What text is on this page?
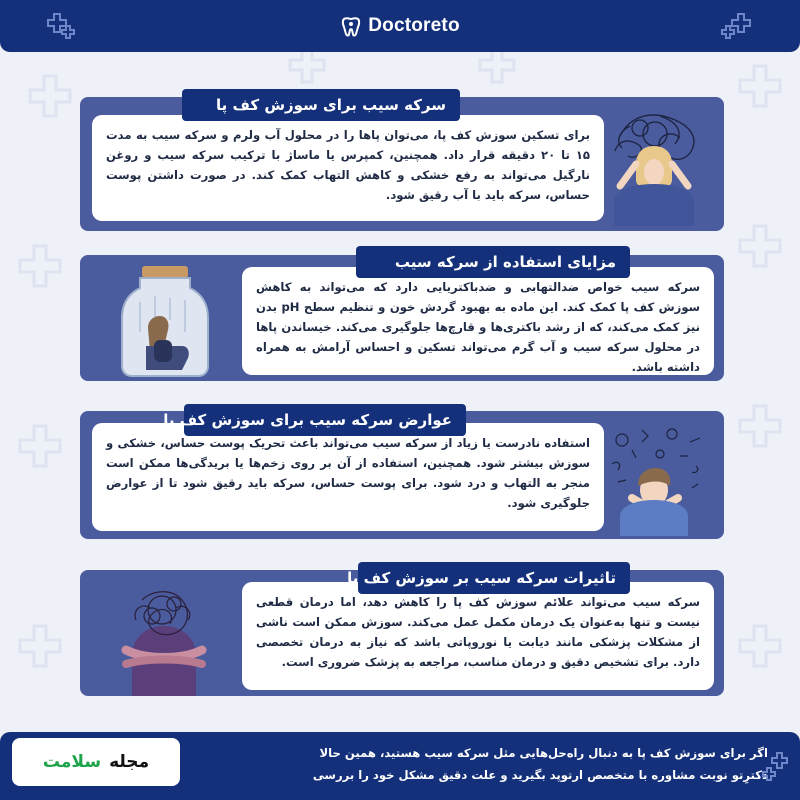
Doctoreto
برای تسکین سوزش کف پا، می‌توان پاها را در محلول آب ولرم و سرکه سیب به مدت ۱۵ تا ۲۰ دقیقه قرار داد. همچنین، کمپرس یا ماساژ با ترکیب سرکه سیب و روغن نارگیل می‌تواند به رفع خشکی و کاهش التهاب کمک کند. در صورت داشتن پوست حساس، سرکه باید با آب رقیق شود.
سرکه سیب برای سوزش کف پا
سرکه سیب خواص ضدالتهابی و ضدباکتریایی دارد که می‌تواند به کاهش سوزش کف پا کمک کند. این ماده به بهبود گردش خون و تنظیم سطح pH بدن نیز کمک می‌کند، که از رشد باکتری‌ها و قارچ‌ها جلوگیری می‌کند. خیساندن پاها در محلول سرکه سیب و آب گرم می‌تواند تسکین و احساس آرامش به همراه داشته باشد.
مزایای استفاده از سرکه سیب
استفاده نادرست یا زیاد از سرکه سیب می‌تواند باعث تحریک پوست حساس، خشکی و سوزش بیشتر شود. همچنین، استفاده از آن بر روی زخم‌ها یا بریدگی‌ها ممکن است منجر به التهاب و درد شود. برای پوست حساس، سرکه باید رقیق شود تا از عوارض جلوگیری شود.
عوارض سرکه سیب برای سوزش کف پا
سرکه سیب می‌تواند علائم سوزش کف پا را کاهش دهد، اما درمان قطعی نیست و تنها به‌عنوان یک درمان مکمل عمل می‌کند. سوزش ممکن است ناشی از مشکلات پزشکی مانند دیابت یا نوروپاتی باشد که نیاز به درمان تخصصی دارد. برای تشخیص دقیق و درمان مناسب، مراجعه به پزشک ضروری است.
تاثیرات سرکه سیب بر سوزش کف پا
اگر برای سوزش کف پا به دنبال راه‌حل‌هایی مثل سرکه سیب هستید، همین حالا
دکترِتو نوبت مشاوره با متخصص ارتوپد بگیرید و علت دقیق مشکل خود را بررسی
مجله
سلامت
